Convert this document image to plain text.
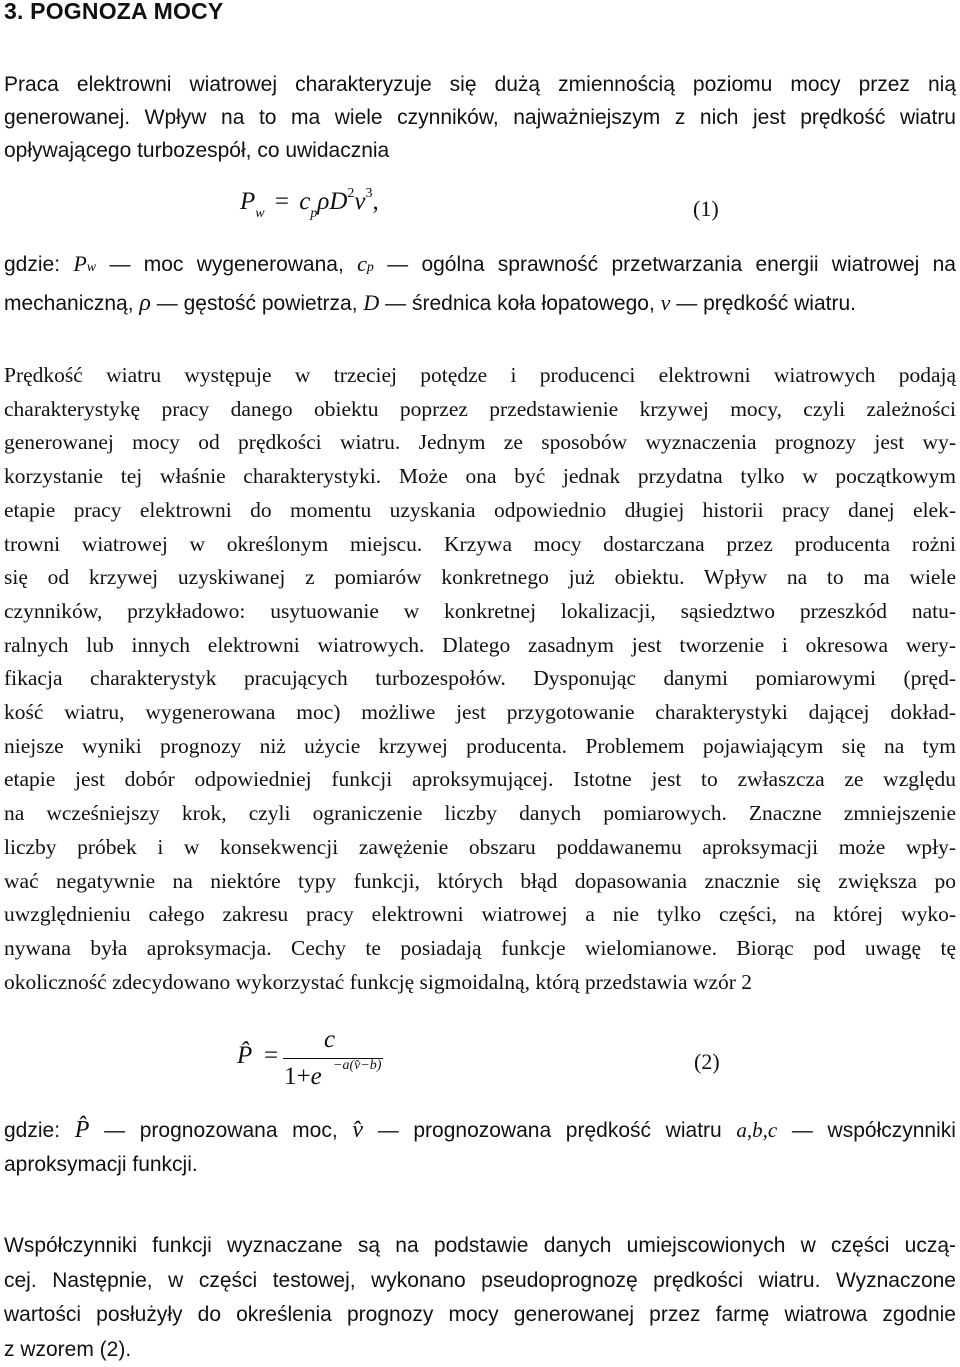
3. POGNOZA MOCY
Praca elektrowni wiatrowej charakteryzuje się dużą zmiennością poziomu mocy przez nią
generowanej. Wpływ na to ma wiele czynników, najważniejszym z nich jest prędkość wiatru
opływającego turbozespół, co uwidacznia
$P_w = c_p\rho D^2v^3$,	(1)
gdzie: Pw — moc wygenerowana, cp — ogólna sprawność przetwarzania energii wiatrowej na
mechaniczną, ρ — gęstość powietrza, D — średnica koła łopatowego, v — prędkość wiatru.
Prędkość wiatru występuje w trzeciej potędze i producenci elektrowni wiatrowych podają
charakterystykę pracy danego obiektu poprzez przedstawienie krzywej mocy, czyli zależności
generowanej mocy od prędkości wiatru. Jednym ze sposobów wyznaczenia prognozy jest wy-
korzystanie tej właśnie charakterystyki. Może ona być jednak przydatna tylko w początkowym
etapie pracy elektrowni do momentu uzyskania odpowiednio długiej historii pracy danej elek-
trowni wiatrowej w określonym miejscu. Krzywa mocy dostarczana przez producenta rożni
się od krzywej uzyskiwanej z pomiarów konkretnego już obiektu. Wpływ na to ma wiele
czynników, przykładowo: usytuowanie w konkretnej lokalizacji, sąsiedztwo przeszkód natu-
ralnych lub innych elektrowni wiatrowych. Dlatego zasadnym jest tworzenie i okresowa wery-
fikacja charakterystyk pracujących turbozespołów. Dysponując danymi pomiarowymi (pręd-
kość wiatru, wygenerowana moc) możliwe jest przygotowanie charakterystyki dającej dokład-
niejsze wyniki prognozy niż użycie krzywej producenta. Problemem pojawiającym się na tym
etapie jest dobór odpowiedniej funkcji aproksymującej. Istotne jest to zwłaszcza ze względu
na wcześniejszy krok, czyli ograniczenie liczby danych pomiarowych. Znaczne zmniejszenie
liczby próbek i w konsekwencji zawężenie obszaru poddawanemu aproksymacji może wpły-
wać negatywnie na niektóre typy funkcji, których błąd dopasowania znacznie się zwiększa po
uwzględnieniu całego zakresu pracy elektrowni wiatrowej a nie tylko części, na której wyko-
nywana była aproksymacja. Cechy te posiadają funkcje wielomianowe. Biorąc pod uwagę tę
okoliczność zdecydowano wykorzystać funkcję sigmoidalną, którą przedstawia wzór 2
P̂ =
c
1+e −a(v̂−b)	(2)
gdzie: P̂ — prognozowana moc, v̂ — prognozowana prędkość wiatru a,b,c — współczynniki
aproksymacji funkcji.
Współczynniki funkcji wyznaczane są na podstawie danych umiejscowionych w części uczą-
cej. Następnie, w części testowej, wykonano pseudoprognozę prędkości wiatru. Wyznaczone
wartości posłużyły do określenia prognozy mocy generowanej przez farmę wiatrowa zgodnie
z wzorem (2).
